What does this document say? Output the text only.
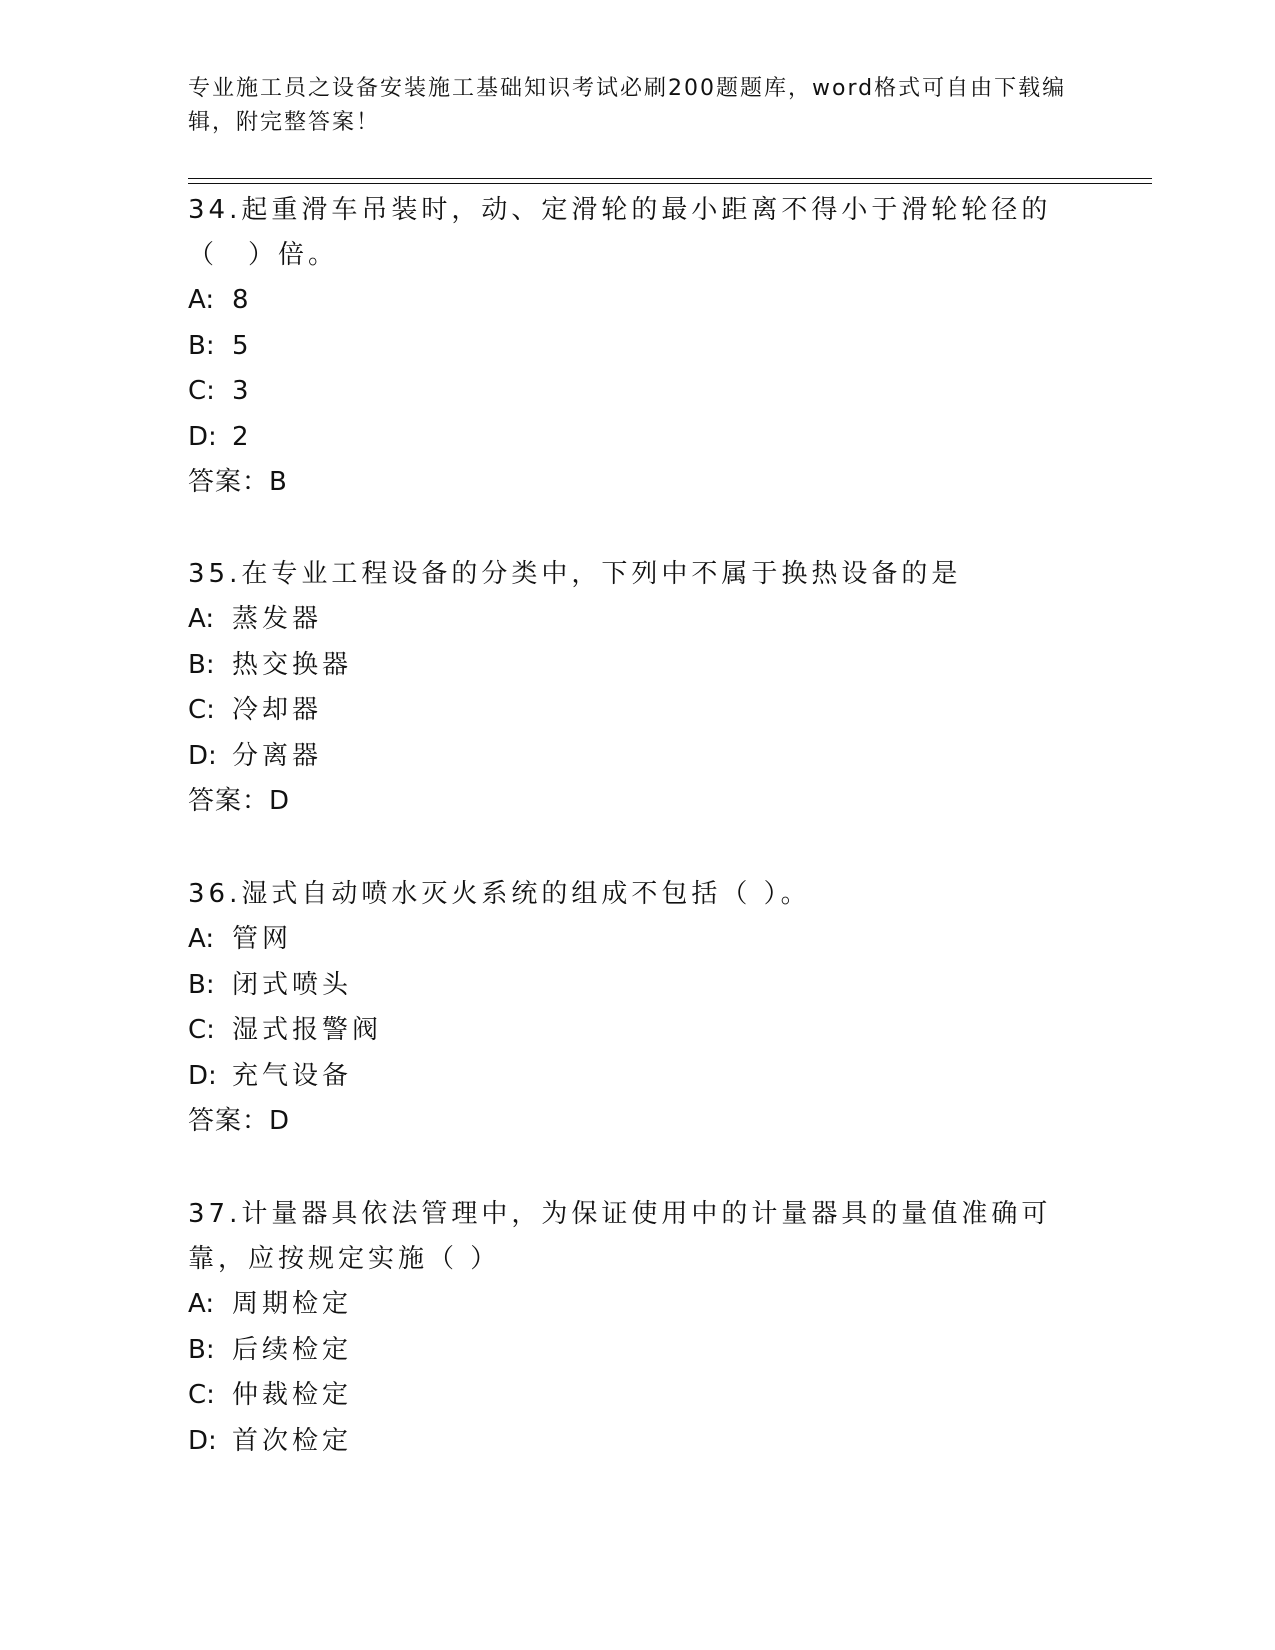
专业施工员之设备安装施工基础知识考试必刷200题题库，word格式可自由下载编辑，附完整答案！

34.起重滑车吊装时，动、定滑轮的最小距离不得小于滑轮轮径的（　）倍。

A: 8

B: 5

C: 3

D: 2

答案：B

35.在专业工程设备的分类中，下列中不属于换热设备的是

A: 蒸发器

B: 热交换器

C: 冷却器

D: 分离器

答案：D

36.湿式自动喷水灭火系统的组成不包括（ ）。

A: 管网

B: 闭式喷头

C: 湿式报警阀

D: 充气设备

答案：D

37.计量器具依法管理中，为保证使用中的计量器具的量值准确可靠，应按规定实施（ ）

A: 周期检定

B: 后续检定

C: 仲裁检定

D: 首次检定
